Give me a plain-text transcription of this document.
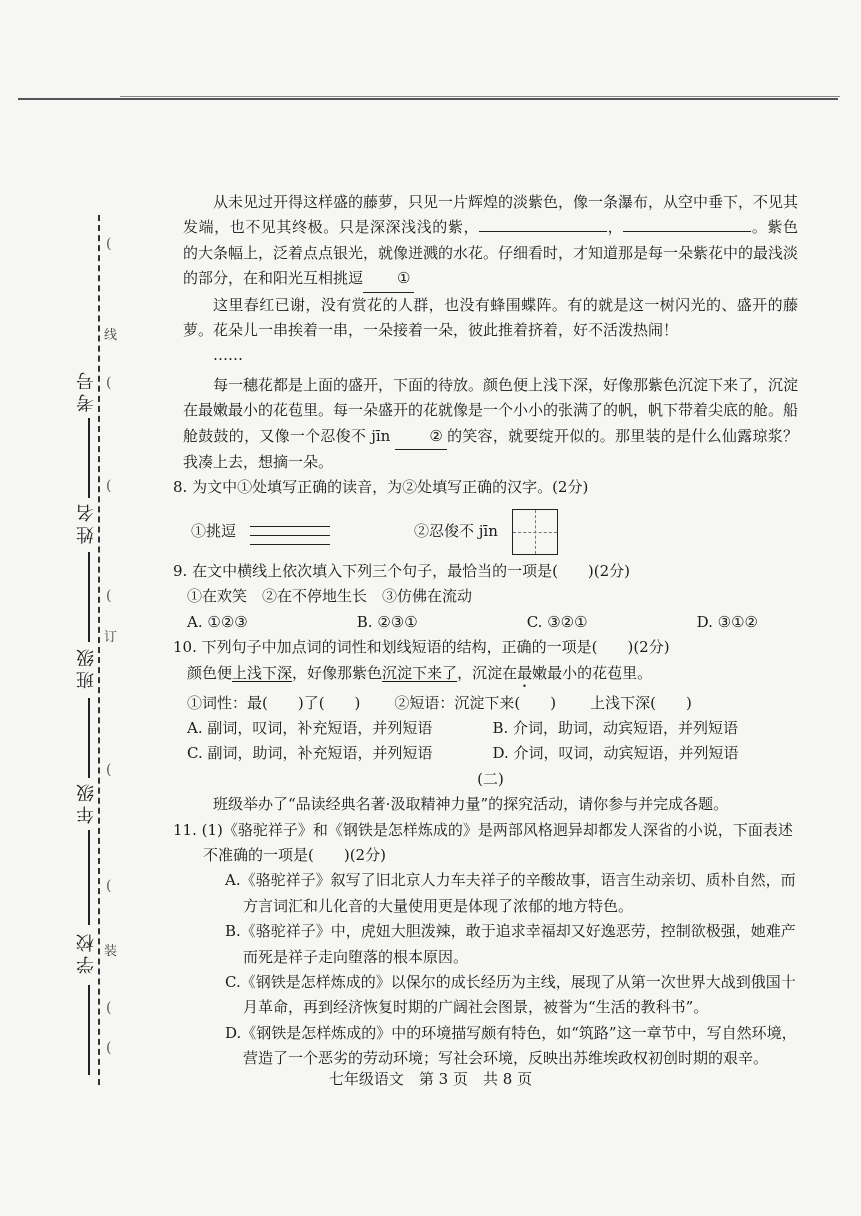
考号
姓名
班级
年级
学校
(
(
(
(
(
(
(
(
线
订
装

从未见过开得这样盛的藤萝，只见一片辉煌的淡紫色，像一条瀑布，从空中垂下，不见其发端，也不见其终极。只是深深浅浅的紫，	，	。紫色的大条幅上，泛着点点银光，就像迸溅的水花。仔细看时，才知道那是每一朵紫花中的最浅淡的部分，在和阳光互相挑逗 ①

这里春红已谢，没有赏花的人群，也没有蜂围蝶阵。有的就是这一树闪光的、盛开的藤萝。花朵儿一串挨着一串，一朵接着一朵，彼此推着挤着，好不活泼热闹！

……

每一穗花都是上面的盛开，下面的待放。颜色便上浅下深，好像那紫色沉淀下来了，沉淀在最嫩最小的花苞里。每一朵盛开的花就像是一个小小的张满了的帆，帆下带着尖底的舱。船舱鼓鼓的，又像一个忍俊不 jīn	② 的笑容，就要绽开似的。那里装的是什么仙露琼浆？我凑上去，想摘一朵。

8. 为文中①处填写正确的读音，为②处填写正确的汉字。(2分)

①挑逗	②忍俊不 jīn

9. 在文中横线上依次填入下列三个句子，最恰当的一项是(　　)(2分)

①在欢笑　②在不停地生长　③仿佛在流动

A. ①②③	B. ②③①	C. ③②①	D. ③①②

10. 下列句子中加点词的词性和划线短语的结构，正确的一项是(　　)(2分)

颜色便上浅下深，好像那紫色沉淀下来了，沉淀在最嫩最小的花苞里。

①词性：最(　　)了(　　) ②短语：沉淀下来(　　) 上浅下深(　　)
A. 副词，叹词，补充短语，并列短语	B. 介词，助词，动宾短语，并列短语
C. 副词，助词，补充短语，并列短语	D. 介词，叹词，动宾短语，并列短语

(二)

班级举办了“品读经典名著·汲取精神力量”的探究活动，请你参与并完成各题。

11. (1)《骆驼祥子》和《钢铁是怎样炼成的》是两部风格迥异却都发人深省的小说，下面表述不准确的一项是(　　)(2分)

A.《骆驼祥子》叙写了旧北京人力车夫祥子的辛酸故事，语言生动亲切、质朴自然，而方言词汇和儿化音的大量使用更是体现了浓郁的地方特色。

B.《骆驼祥子》中，虎妞大胆泼辣，敢于追求幸福却又好逸恶劳，控制欲极强，她难产而死是祥子走向堕落的根本原因。

C.《钢铁是怎样炼成的》以保尔的成长经历为主线，展现了从第一次世界大战到俄国十月革命，再到经济恢复时期的广阔社会图景，被誉为“生活的教科书”。

D.《钢铁是怎样炼成的》中的环境描写颇有特色，如“筑路”这一章节中，写自然环境，营造了一个恶劣的劳动环境；写社会环境，反映出苏维埃政权初创时期的艰辛。

七年级语文　第 3 页　共 8 页
